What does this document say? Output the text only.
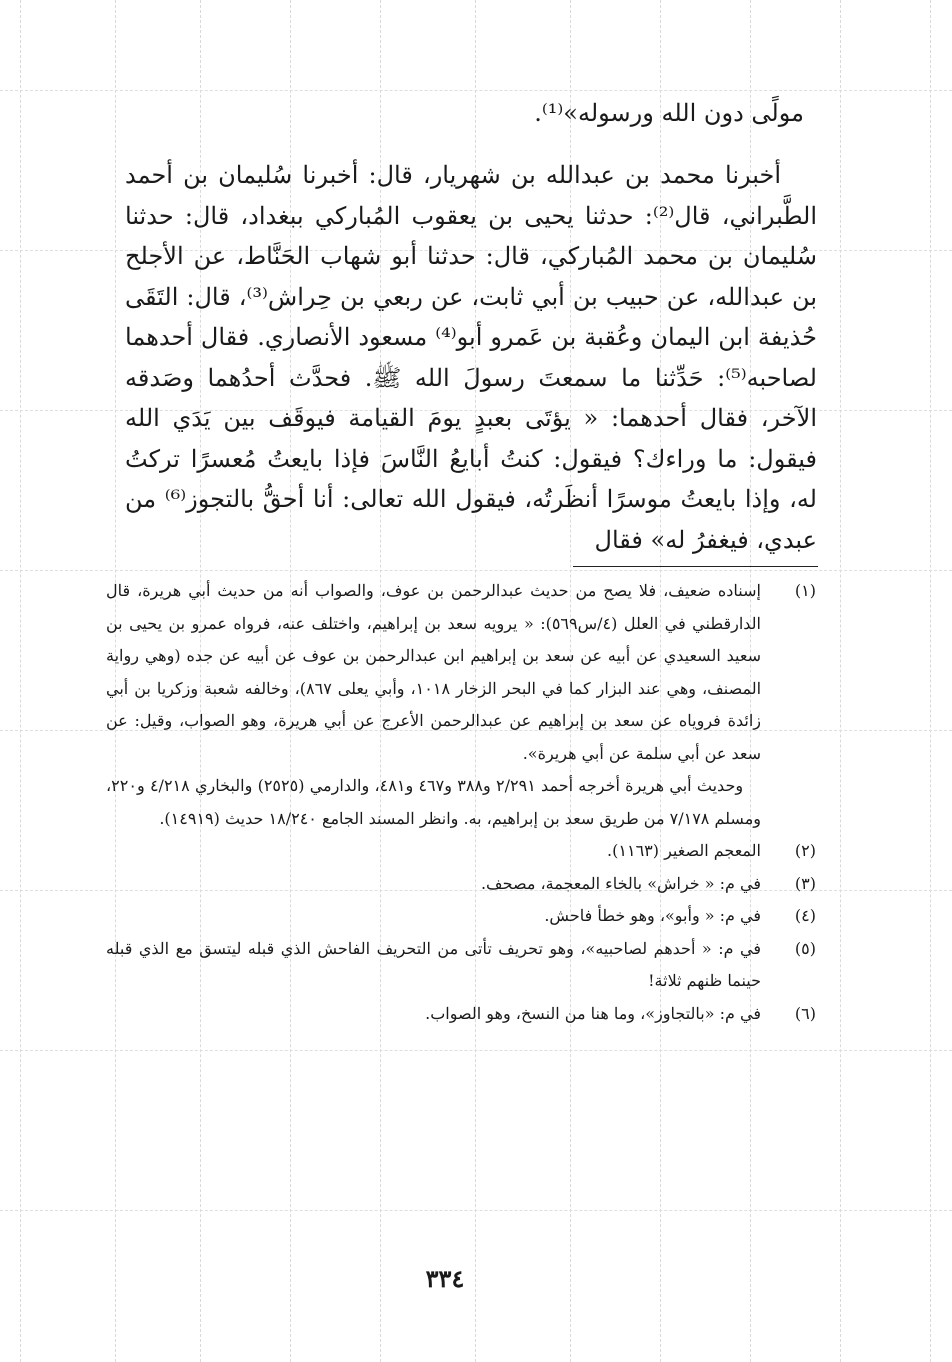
مولًى دون الله ورسوله»⁽¹⁾.

أخبرنا محمد بن عبدالله بن شهريار، قال: أخبرنا سُليمان بن أحمد الطَّبراني، قال⁽²⁾: حدثنا يحيى بن يعقوب المُباركي ببغداد، قال: حدثنا سُليمان بن محمد المُباركي، قال: حدثنا أبو شهاب الحَنَّاط، عن الأجلح بن عبدالله، عن حبيب بن أبي ثابت، عن ربعي بن حِراش⁽³⁾، قال: التَقَى حُذيفة ابن اليمان وعُقبة بن عَمرو أبو⁽⁴⁾ مسعود الأنصاري. فقال أحدهما لصاحبه⁽⁵⁾: حَدِّثنا ما سمعتَ رسولَ الله ﷺ. فحدَّث أحدُهما وصَدقه الآخر، فقال أحدهما: « يؤتَى بعبدٍ يومَ القيامة فيوقَف بين يَدَي الله فيقول: ما وراءك؟ فيقول: كنتُ أبايعُ النَّاسَ فإذا بايعتُ مُعسرًا تركتُ له، وإذا بايعتُ موسرًا أنظَرتُه، فيقول الله تعالى: أنا أحقُّ بالتجوز⁽⁶⁾ من عبدي، فيغفرُ له» فقال

(١)
إسناده ضعيف، فلا يصح من حديث عبدالرحمن بن عوف، والصواب أنه من حديث أبي هريرة، قال الدارقطني في العلل (٤/س٥٦٩): « يرويه سعد بن إبراهيم، واختلف عنه، فرواه عمرو بن يحيى بن سعيد السعيدي عن أبيه عن سعد بن إبراهيم ابن عبدالرحمن بن عوف عن أبيه عن جده (وهي رواية المصنف، وهي عند البزار كما في البحر الزخار ١٠١٨، وأبي يعلى ٨٦٧)، وخالفه شعبة وزكريا بن أبي زائدة فروياه عن سعد بن إبراهيم عن عبدالرحمن الأعرج عن أبي هريرة، وهو الصواب، وقيل: عن سعد عن أبي سلمة عن أبي هريرة».
وحديث أبي هريرة أخرجه أحمد ٢/٢٩١ و٣٨٨ و٤٦٧ و٤٨١، والدارمي (٢٥٢٥) والبخاري ٤/٢١٨ و٢٢٠، ومسلم ٧/١٧٨ من طريق سعد بن إبراهيم، به. وانظر المسند الجامع ١٨/٢٤٠ حديث (١٤٩١٩).
(٢)
المعجم الصغير (١١٦٣).
(٣)
في م: « خراش» بالخاء المعجمة، مصحف.
(٤)
في م: « وأبو»، وهو خطأ فاحش.
(٥)
في م: « أحدهم لصاحبيه»، وهو تحريف تأتى من التحريف الفاحش الذي قبله ليتسق مع الذي قبله حينما ظنهم ثلاثة!
(٦)
في م: «بالتجاوز»، وما هنا من النسخ، وهو الصواب.
٣٣٤
